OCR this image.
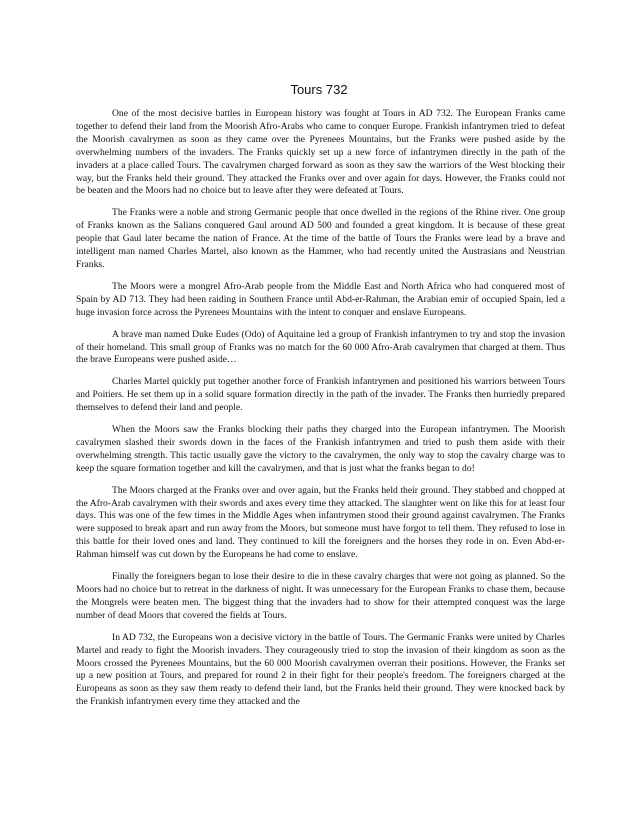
Tours 732

One of the most decisive battles in European history was fought at Tours in AD 732. The European Franks came together to defend their land from the Moorish Afro-Arabs who came to conquer Europe. Frankish infantrymen tried to defeat the Moorish cavalrymen as soon as they came over the Pyrenees Mountains, but the Franks were pushed aside by the overwhelming numbers of the invaders. The Franks quickly set up a new force of infantrymen directly in the path of the invaders at a place called Tours. The cavalrymen charged forward as soon as they saw the warriors of the West blocking their way, but the Franks held their ground. They attacked the Franks over and over again for days. However, the Franks could not be beaten and the Moors had no choice but to leave after they were defeated at Tours.

The Franks were a noble and strong Germanic people that once dwelled in the regions of the Rhine river. One group of Franks known as the Salians conquered Gaul around AD 500 and founded a great kingdom. It is because of these great people that Gaul later became the nation of France. At the time of the battle of Tours the Franks were lead by a brave and intelligent man named Charles Martel, also known as the Hammer, who had recently united the Austrasians and Neustrian Franks.

The Moors were a mongrel Afro-Arab people from the Middle East and North Africa who had conquered most of Spain by AD 713. They had been raiding in Southern France until Abd-er-Rahman, the Arabian emir of occupied Spain, led a huge invasion force across the Pyrenees Mountains with the intent to conquer and enslave Europeans.

A brave man named Duke Eudes (Odo) of Aquitaine led a group of Frankish infantrymen to try and stop the invasion of their homeland. This small group of Franks was no match for the 60 000 Afro-Arab cavalrymen that charged at them. Thus the brave Europeans were pushed aside…

Charles Martel quickly put together another force of Frankish infantrymen and positioned his warriors between Tours and Poitiers. He set them up in a solid square formation directly in the path of the invader. The Franks then hurriedly prepared themselves to defend their land and people.

When the Moors saw the Franks blocking their paths they charged into the European infantrymen. The Moorish cavalrymen slashed their swords down in the faces of the Frankish infantrymen and tried to push them aside with their overwhelming strength. This tactic usually gave the victory to the cavalrymen, the only way to stop the cavalry charge was to keep the square formation together and kill the cavalrymen, and that is just what the franks began to do!

The Moors charged at the Franks over and over again, but the Franks held their ground. They stabbed and chopped at the Afro-Arab cavalrymen with their swords and axes every time they attacked. The slaughter went on like this for at least four days. This was one of the few times in the Middle Ages when infantrymen stood their ground against cavalrymen. The Franks were supposed to break apart and run away from the Moors, but someone must have forgot to tell them. They refused to lose in this battle for their loved ones and land. They continued to kill the foreigners and the horses they rode in on. Even Abd-er-Rahman himself was cut down by the Europeans he had come to enslave.

Finally the foreigners began to lose their desire to die in these cavalry charges that were not going as planned. So the Moors had no choice but to retreat in the darkness of night. It was unnecessary for the European Franks to chase them, because the Mongrels were beaten men. The biggest thing that the invaders had to show for their attempted conquest was the large number of dead Moors that covered the fields at Tours.

In AD 732, the Europeans won a decisive victory in the battle of Tours. The Germanic Franks were united by Charles Martel and ready to fight the Moorish invaders. They courageously tried to stop the invasion of their kingdom as soon as the Moors crossed the Pyrenees Mountains, but the 60 000 Moorish cavalrymen overran their positions. However, the Franks set up a new position at Tours, and prepared for round 2 in their fight for their people's freedom. The foreigners charged at the Europeans as soon as they saw them ready to defend their land, but the Franks held their ground. They were knocked back by the Frankish infantrymen every time they attacked and the
